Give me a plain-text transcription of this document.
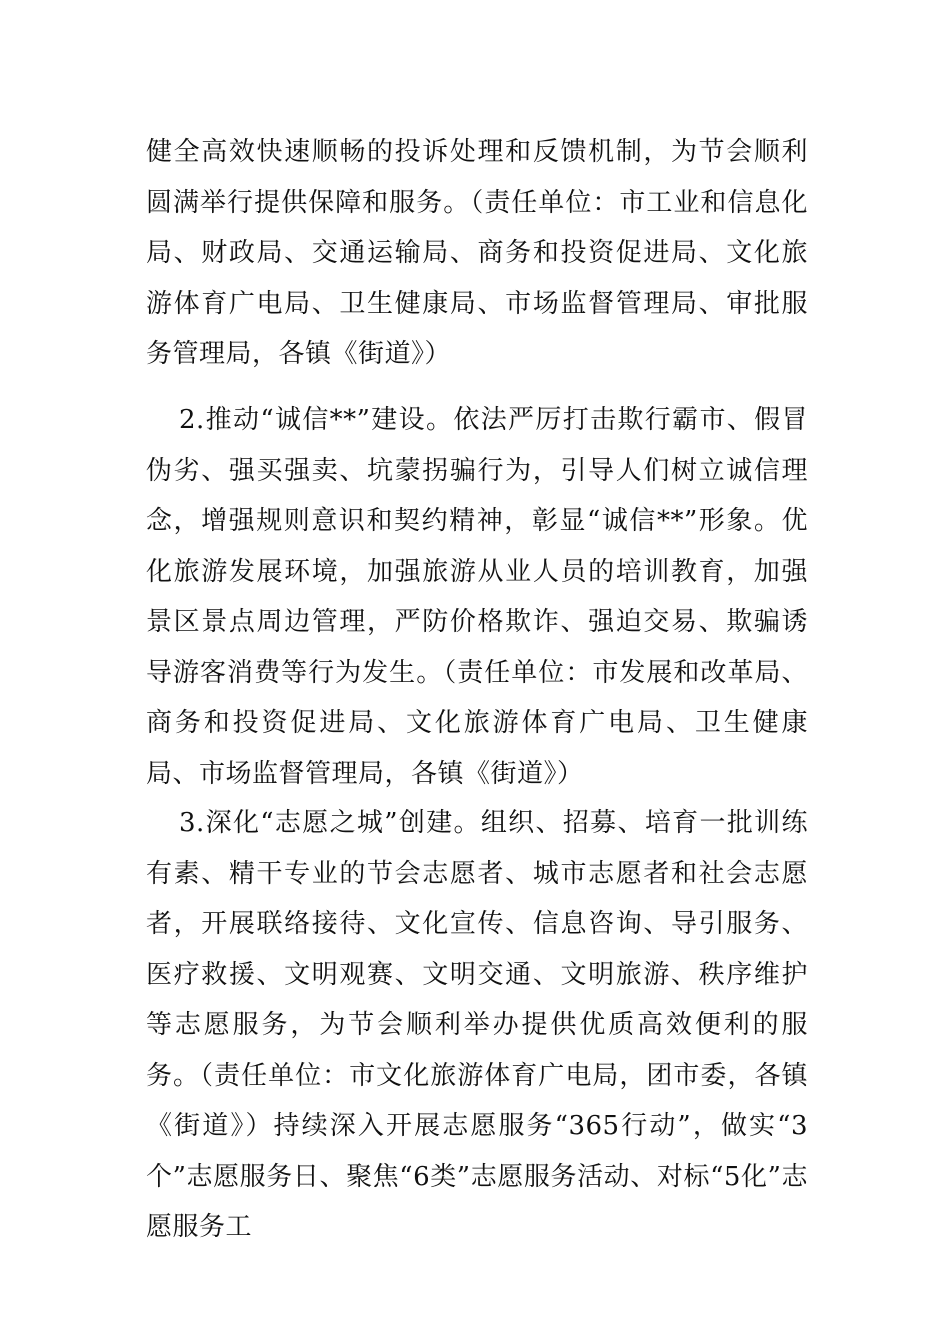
健全高效快速顺畅的投诉处理和反馈机制，为节会顺利圆满举行提供保障和服务。（责任单位：市工业和信息化局、财政局、交通运输局、商务和投资促进局、文化旅游体育广电局、卫生健康局、市场监督管理局、审批服务管理局，各镇《街道》）

2.推动“诚信**”建设。依法严厉打击欺行霸市、假冒伪劣、强买强卖、坑蒙拐骗行为，引导人们树立诚信理念，增强规则意识和契约精神，彰显“诚信**”形象。优化旅游发展环境，加强旅游从业人员的培训教育，加强景区景点周边管理，严防价格欺诈、强迫交易、欺骗诱导游客消费等行为发生。（责任单位：市发展和改革局、商务和投资促进局、文化旅游体育广电局、卫生健康局、市场监督管理局，各镇《街道》）

3.深化“志愿之城”创建。组织、招募、培育一批训练有素、精干专业的节会志愿者、城市志愿者和社会志愿者，开展联络接待、文化宣传、信息咨询、导引服务、医疗救援、文明观赛、文明交通、文明旅游、秩序维护等志愿服务，为节会顺利举办提供优质高效便利的服务。（责任单位：市文化旅游体育广电局，团市委，各镇《街道》）持续深入开展志愿服务“365行动”，做实“3个”志愿服务日、聚焦“6类”志愿服务活动、对标“5化”志愿服务工
